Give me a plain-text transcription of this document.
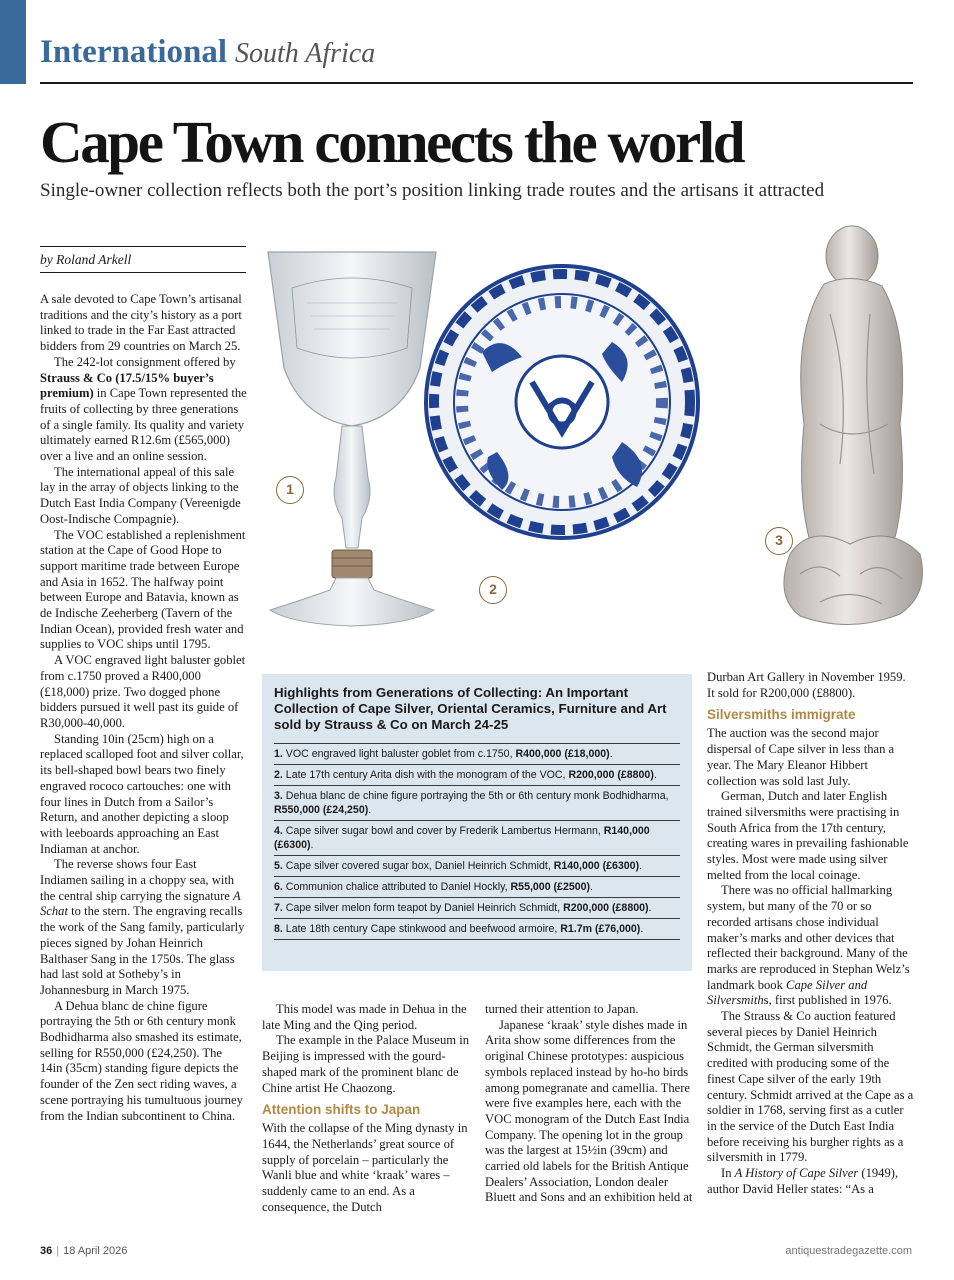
International South Africa
Cape Town connects the world
Single-owner collection reflects both the port’s position linking trade routes and the artisans it attracted
by Roland Arkell

A sale devoted to Cape Town’s artisanal traditions and the city’s history as a port linked to trade in the Far East attracted bidders from 29 countries on March 25.

The 242-lot consignment offered by Strauss & Co (17.5/15% buyer’s premium) in Cape Town represented the fruits of collecting by three generations of a single family. Its quality and variety ultimately earned R12.6m (£565,000) over a live and an online session.

The international appeal of this sale lay in the array of objects linking to the Dutch East India Company (Vereenigde Oost-Indische Compagnie).

The VOC established a replenishment station at the Cape of Good Hope to support maritime trade between Europe and Asia in 1652. The halfway point between Europe and Batavia, known as de Indische Zeeherberg (Tavern of the Indian Ocean), provided fresh water and supplies to VOC ships until 1795.

A VOC engraved light baluster goblet from c.1750 proved a R400,000 (£18,000) prize. Two dogged phone bidders pursued it well past its guide of R30,000-40,000.

Standing 10in (25cm) high on a replaced scalloped foot and silver collar, its bell-shaped bowl bears two finely engraved rococo cartouches: one with four lines in Dutch from a Sailor’s Return, and another depicting a sloop with leeboards approaching an East Indiaman at anchor.

The reverse shows four East Indiamen sailing in a choppy sea, with the central ship carrying the signature A Schat to the stern. The engraving recalls the work of the Sang family, particularly pieces signed by Johan Heinrich Balthaser Sang in the 1750s. The glass had last sold at Sotheby’s in Johannesburg in March 1975.

A Dehua blanc de chine figure portraying the 5th or 6th century monk Bodhidharma also smashed its estimate, selling for R550,000 (£24,250). The 14in (35cm) standing figure depicts the founder of the Zen sect riding waves, a scene portraying his tumultuous journey from the Indian subcontinent to China.

1
2
3
Highlights from Generations of Collecting: An Important Collection of Cape Silver, Oriental Ceramics, Furniture and Art sold by Strauss & Co on March 24-25
1. VOC engraved light baluster goblet from c.1750, R400,000 (£18,000).
2. Late 17th century Arita dish with the monogram of the VOC, R200,000 (£8800).
3. Dehua blanc de chine figure portraying the 5th or 6th century monk Bodhidharma, R550,000 (£24,250).
4. Cape silver sugar bowl and cover by Frederik Lambertus Hermann, R140,000 (£6300).
5. Cape silver covered sugar box, Daniel Heinrich Schmidt, R140,000 (£6300).
6. Communion chalice attributed to Daniel Hockly, R55,000 (£2500).
7. Cape silver melon form teapot by Daniel Heinrich Schmidt, R200,000 (£8800).
8. Late 18th century Cape stinkwood and beefwood armoire, R1.7m (£76,000).

This model was made in Dehua in the late Ming and the Qing period.

The example in the Palace Museum in Beijing is impressed with the gourd-shaped mark of the prominent blanc de Chine artist He Chaozong.

Attention shifts to Japan

With the collapse of the Ming dynasty in 1644, the Netherlands’ great source of supply of porcelain – particularly the Wanli blue and white ‘kraak’ wares – suddenly came to an end. As a consequence, the Dutch

turned their attention to Japan.

Japanese ‘kraak’ style dishes made in Arita show some differences from the original Chinese prototypes: auspicious symbols replaced instead by ho-ho birds among pomegranate and camellia. There were five examples here, each with the VOC monogram of the Dutch East India Company. The opening lot in the group was the largest at 15½in (39cm) and carried old labels for the British Antique Dealers’ Association, London dealer Bluett and Sons and an exhibition held at

Durban Art Gallery in November 1959. It sold for R200,000 (£8800).

Silversmiths immigrate

The auction was the second major dispersal of Cape silver in less than a year. The Mary Eleanor Hibbert collection was sold last July.

German, Dutch and later English trained silversmiths were practising in South Africa from the 17th century, creating wares in prevailing fashionable styles. Most were made using silver melted from the local coinage.

There was no official hallmarking system, but many of the 70 or so recorded artisans chose individual maker’s marks and other devices that reflected their background. Many of the marks are reproduced in Stephan Welz’s landmark book Cape Silver and Silversmiths, first published in 1976.

The Strauss & Co auction featured several pieces by Daniel Heinrich Schmidt, the German silversmith credited with producing some of the finest Cape silver of the early 19th century. Schmidt arrived at the Cape as a soldier in 1768, serving first as a cutler in the service of the Dutch East India before receiving his burgher rights as a silversmith in 1779.

In A History of Cape Silver (1949), author David Heller states: “As a

36 | 18 April 2026	antiquestradegazette.com
